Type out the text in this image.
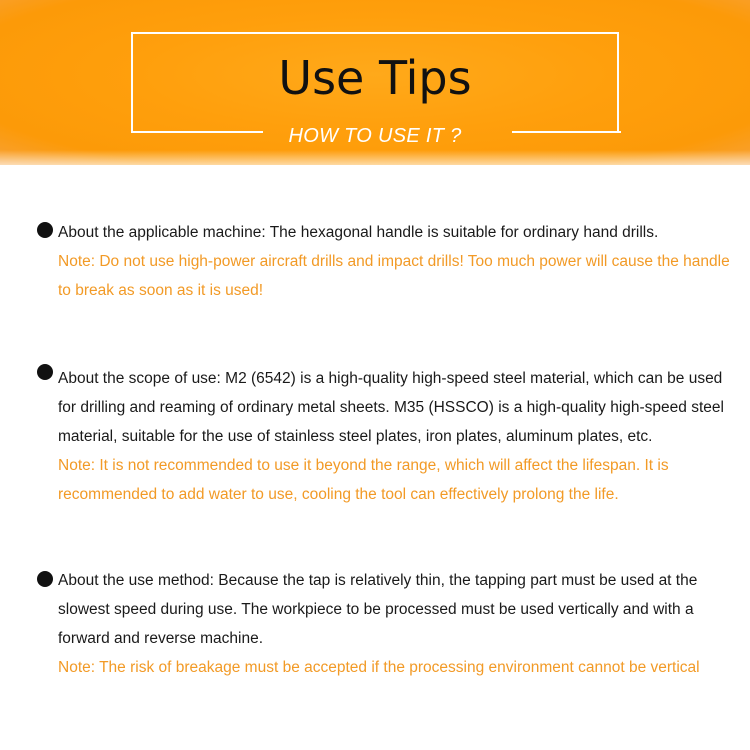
Use Tips
HOW TO USE IT ?
About the applicable machine: The hexagonal handle is suitable for ordinary hand drills.
Note: Do not use high-power aircraft drills and impact drills! Too much power will cause the handle to break as soon as it is used!
About the scope of use: M2 (6542) is a high-quality high-speed steel material, which can be used for drilling and reaming of ordinary metal sheets. M35 (HSSCO) is a high-quality high-speed steel material, suitable for the use of stainless steel plates, iron plates, aluminum plates, etc.
Note: It is not recommended to use it beyond the range, which will affect the lifespan. It is recommended to add water to use, cooling the tool can effectively prolong the life.
About the use method: Because the tap is relatively thin, the tapping part must be used at the slowest speed during use. The workpiece to be processed must be used vertically and with a forward and reverse machine.
Note: The risk of breakage must be accepted if the processing environment cannot be vertical
